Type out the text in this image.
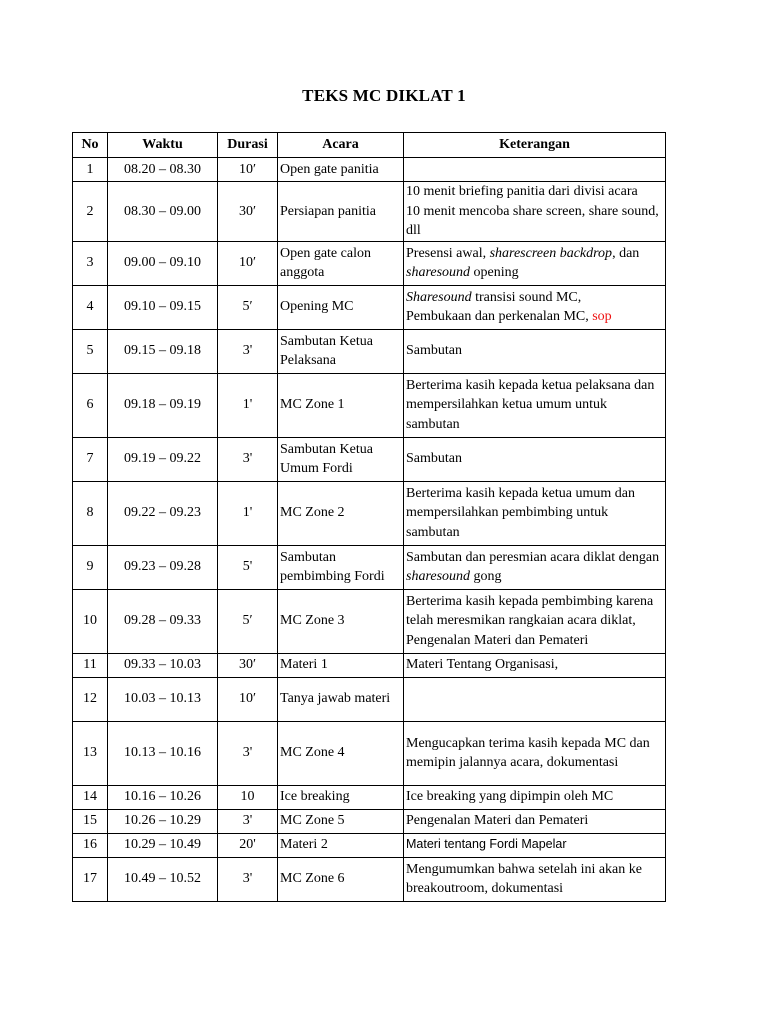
TEKS MC DIKLAT 1
No	Waktu	Durasi	Acara	Keterangan
1	08.20 – 08.30	10′	Open gate panitia	
2	08.30 – 09.00	30′	Persiapan panitia	10 menit briefing panitia dari divisi acara
10 menit mencoba share screen, share sound, dll

3	09.00 – 09.10	10′	Open gate calon anggota	Presensi awal, sharescreen backdrop, dan sharesound opening

4	09.10 – 09.15	5′	Opening MC	Sharesound transisi sound MC,
Pembukaan dan perkenalan MC, sop

5	09.15 – 09.18	3'	Sambutan Ketua Pelaksana	Sambutan

6	09.18 – 09.19	1'	MC Zone 1	Berterima kasih kepada ketua pelaksana dan mempersilahkan ketua umum untuk sambutan

7	09.19 – 09.22	3'	Sambutan Ketua Umum Fordi	Sambutan

8	09.22 – 09.23	1'	MC Zone 2	Berterima kasih kepada ketua umum dan mempersilahkan pembimbing untuk sambutan

9	09.23 – 09.28	5'	Sambutan pembimbing Fordi	Sambutan dan peresmian acara diklat dengan sharesound gong

10	09.28 – 09.33	5′	MC Zone 3	Berterima kasih kepada pembimbing karena telah meresmikan rangkaian acara diklat,
Pengenalan Materi dan Pemateri

11	09.33 – 10.03	30′	Materi 1	Materi Tentang Organisasi,

12	10.03 – 10.13	10′	Tanya jawab materi	
13	10.13 – 10.16	3'	MC Zone 4	Mengucapkan terima kasih kepada MC dan memipin jalannya acara, dokumentasi

14	10.16 – 10.26	10	Ice breaking	Ice breaking yang dipimpin oleh MC

15	10.26 – 10.29	3'	MC Zone 5	Pengenalan Materi dan Pemateri

16	10.29 – 10.49	20'	Materi 2	Materi tentang Fordi Mapelar

17	10.49 – 10.52	3'	MC Zone 6	Mengumumkan bahwa setelah ini akan ke breakoutroom, dokumentasi
